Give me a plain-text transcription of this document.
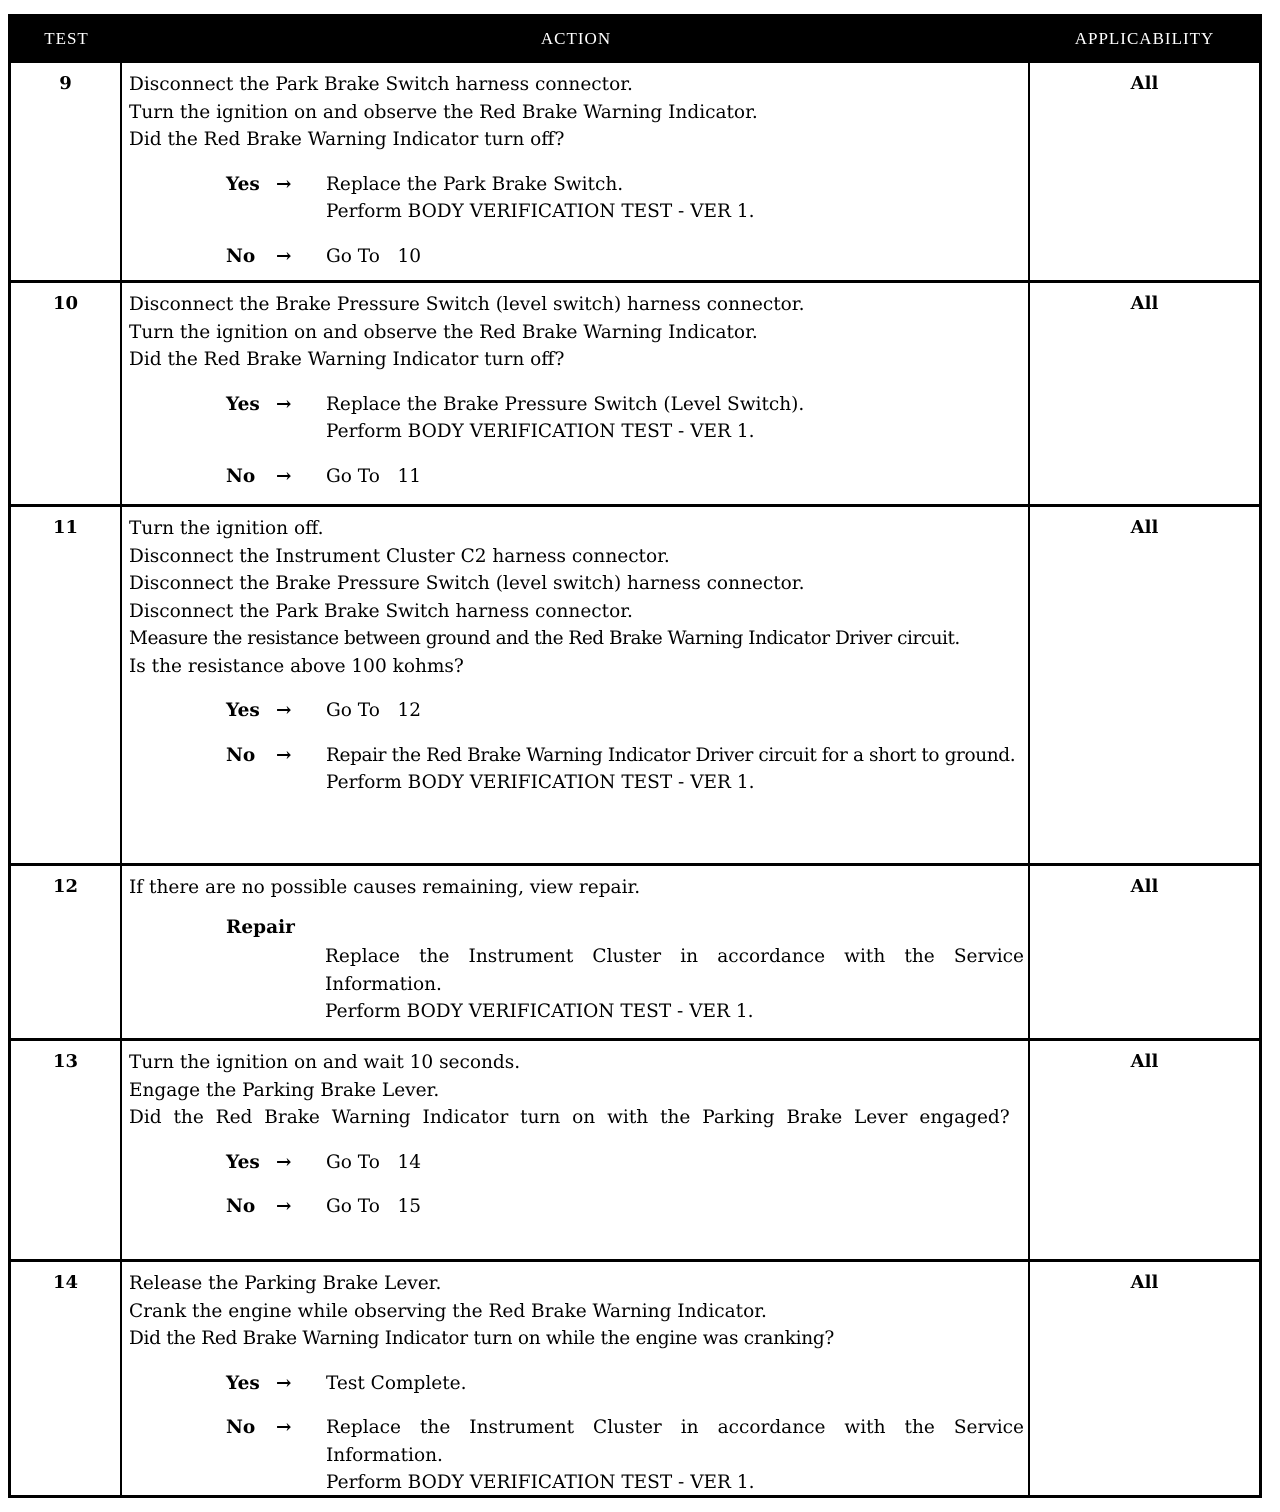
TEST	ACTION	APPLICABILITY
9	Disconnect the Park Brake Switch harness connector.
Turn the ignition on and observe the Red Brake Warning Indicator.
Did the Red Brake Warning Indicator turn off?
Yes →	Replace the Park Brake Switch.
Perform BODY VERIFICATION TEST - VER 1.
No	→	Go To   10
All
10	Disconnect the Brake Pressure Switch (level switch) harness connector.
Turn the ignition on and observe the Red Brake Warning Indicator.
Did the Red Brake Warning Indicator turn off?
Yes →	Replace the Brake Pressure Switch (Level Switch).
Perform BODY VERIFICATION TEST - VER 1.
No	→	Go To   11
All
11	Turn the ignition off.
Disconnect the Instrument Cluster C2 harness connector.
Disconnect the Brake Pressure Switch (level switch) harness connector.
Disconnect the Park Brake Switch harness connector.
Measure the resistance between ground and the Red Brake Warning Indicator Driver circuit.
Is the resistance above 100 kohms?
Yes →	Go To   12
No	→	Repair the Red Brake Warning Indicator Driver circuit for a short to ground.
Perform BODY VERIFICATION TEST - VER 1.
All
12	If there are no possible causes remaining, view repair.
Repair
Replace the Instrument Cluster in accordance with the Service Information.
Perform BODY VERIFICATION TEST - VER 1.
All
13	Turn the ignition on and wait 10 seconds.
Engage the Parking Brake Lever.
Did the Red Brake Warning Indicator turn on with the Parking Brake Lever engaged?
Yes →	Go To   14
No	→	Go To   15
All
14	Release the Parking Brake Lever.
Crank the engine while observing the Red Brake Warning Indicator.
Did the Red Brake Warning Indicator turn on while the engine was cranking?
Yes →	Test Complete.
No	→	Replace the Instrument Cluster in accordance with the Service Information.
Perform BODY VERIFICATION TEST - VER 1.
All
